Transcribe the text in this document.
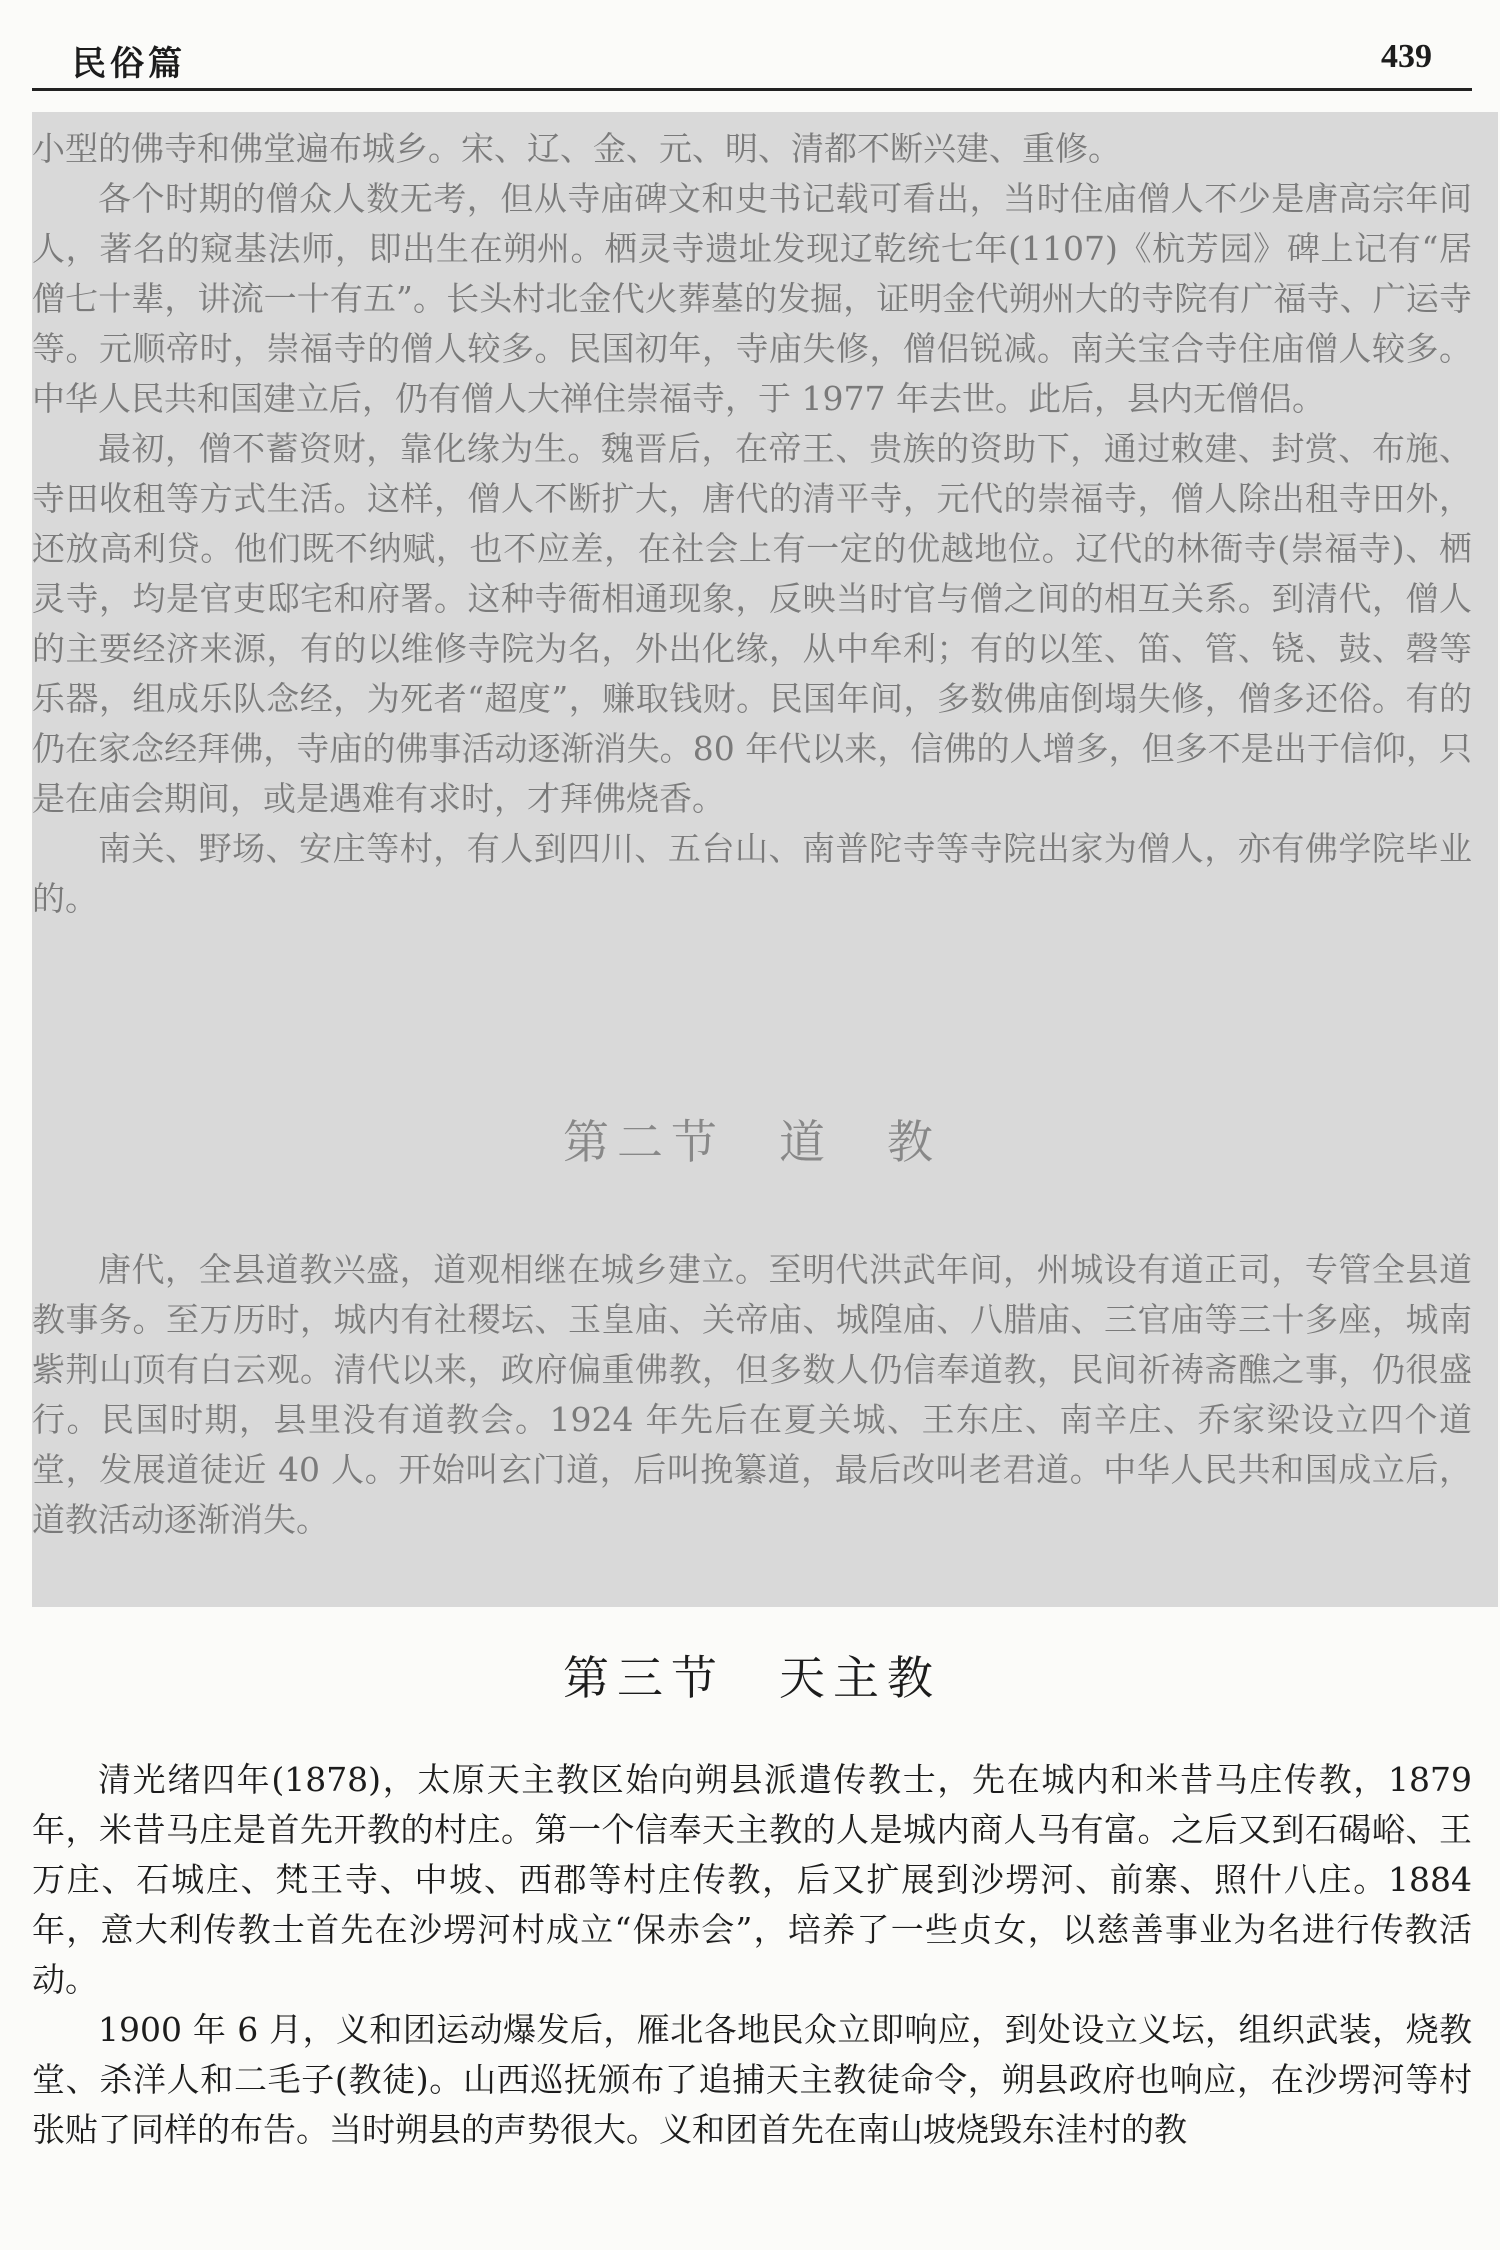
民俗篇	439

小型的佛寺和佛堂遍布城乡。宋、辽、金、元、明、清都不断兴建、重修。

各个时期的僧众人数无考，但从寺庙碑文和史书记载可看出，当时住庙僧人不少是唐高宗年间人，著名的窥基法师，即出生在朔州。栖灵寺遗址发现辽乾统七年(1107)《杭芳园》碑上记有“居僧七十辈，讲流一十有五”。长头村北金代火葬墓的发掘，证明金代朔州大的寺院有广福寺、广运寺等。元顺帝时，崇福寺的僧人较多。民国初年，寺庙失修，僧侣锐减。南关宝合寺住庙僧人较多。中华人民共和国建立后，仍有僧人大禅住崇福寺，于 1977 年去世。此后，县内无僧侣。

最初，僧不蓄资财，靠化缘为生。魏晋后，在帝王、贵族的资助下，通过敕建、封赏、布施、寺田收租等方式生活。这样，僧人不断扩大，唐代的清平寺，元代的崇福寺，僧人除出租寺田外，还放高利贷。他们既不纳赋，也不应差，在社会上有一定的优越地位。辽代的林衙寺(崇福寺)、栖灵寺，均是官吏邸宅和府署。这种寺衙相通现象，反映当时官与僧之间的相互关系。到清代，僧人的主要经济来源，有的以维修寺院为名，外出化缘，从中牟利；有的以笙、笛、管、铙、鼓、磬等乐器，组成乐队念经，为死者“超度”，赚取钱财。民国年间，多数佛庙倒塌失修，僧多还俗。有的仍在家念经拜佛，寺庙的佛事活动逐渐消失。80 年代以来，信佛的人增多，但多不是出于信仰，只是在庙会期间，或是遇难有求时，才拜佛烧香。

南关、野场、安庄等村，有人到四川、五台山、南普陀寺等寺院出家为僧人，亦有佛学院毕业的。

第二节　道　教

唐代，全县道教兴盛，道观相继在城乡建立。至明代洪武年间，州城设有道正司，专管全县道教事务。至万历时，城内有社稷坛、玉皇庙、关帝庙、城隍庙、八腊庙、三官庙等三十多座，城南紫荆山顶有白云观。清代以来，政府偏重佛教，但多数人仍信奉道教，民间祈祷斋醮之事，仍很盛行。民国时期，县里没有道教会。1924 年先后在夏关城、王东庄、南辛庄、乔家梁设立四个道堂，发展道徒近 40 人。开始叫玄门道，后叫挽纂道，最后改叫老君道。中华人民共和国成立后，道教活动逐渐消失。

第三节　天主教

清光绪四年(1878)，太原天主教区始向朔县派遣传教士，先在城内和米昔马庄传教，1879 年，米昔马庄是首先开教的村庄。第一个信奉天主教的人是城内商人马有富。之后又到石碣峪、王万庄、石城庄、梵王寺、中坡、西郡等村庄传教，后又扩展到沙塄河、前寨、照什八庄。1884 年，意大利传教士首先在沙塄河村成立“保赤会”，培养了一些贞女，以慈善事业为名进行传教活动。

1900 年 6 月，义和团运动爆发后，雁北各地民众立即响应，到处设立义坛，组织武装，烧教堂、杀洋人和二毛子(教徒)。山西巡抚颁布了追捕天主教徒命令，朔县政府也响应，在沙塄河等村张贴了同样的布告。当时朔县的声势很大。义和团首先在南山坡烧毁东洼村的教
